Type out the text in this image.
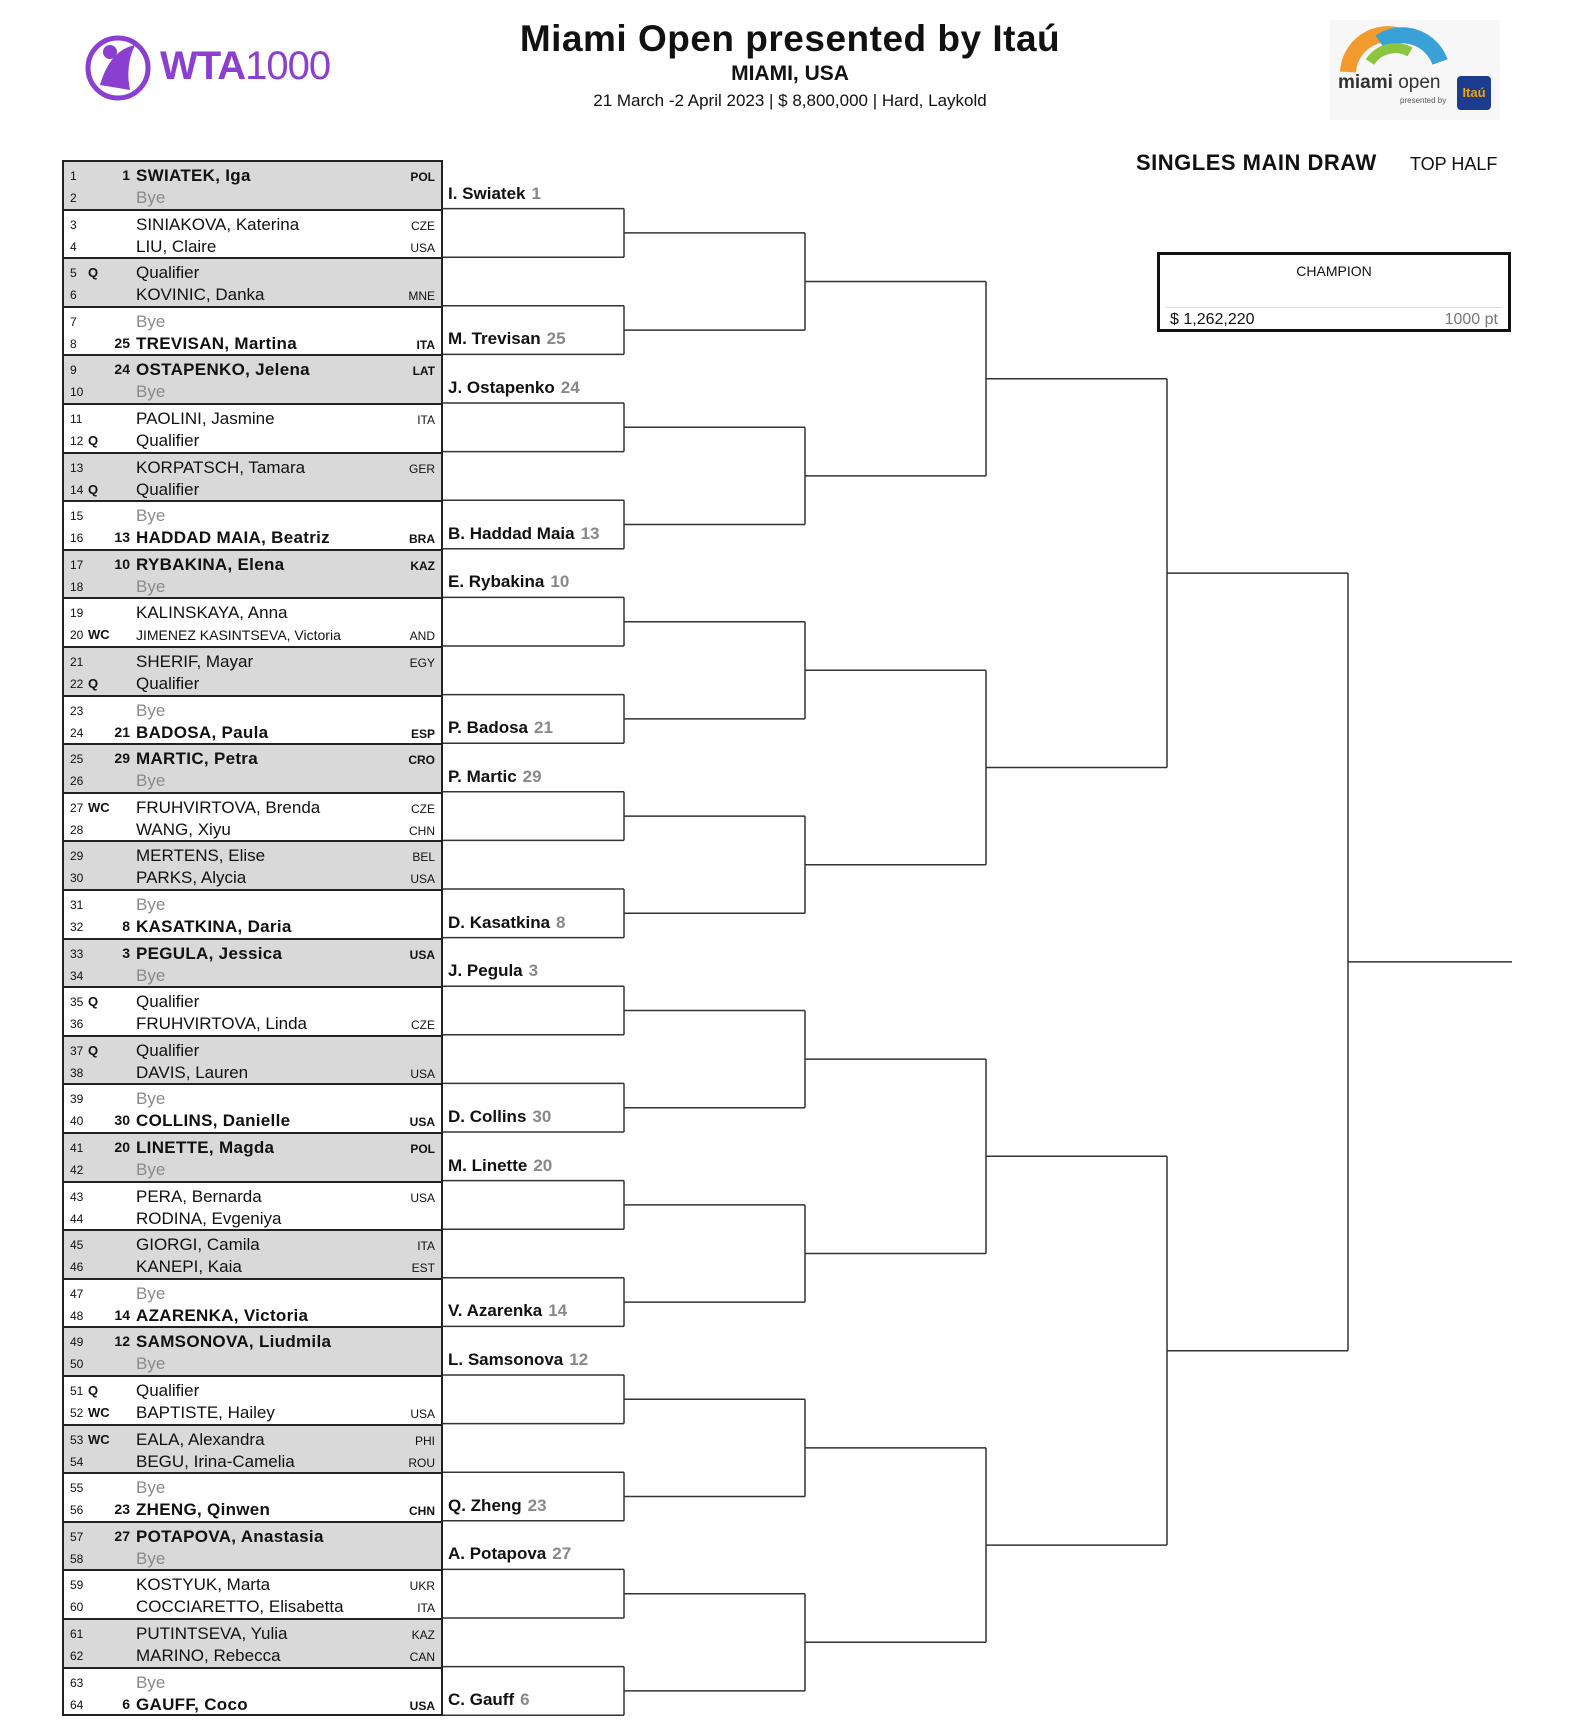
WTA1000
Miami Open presented by Itaú
MIAMI, USA
21 March -2 April 2023 | $ 8,800,000 | Hard, Laykold
miami open
presented by
Itaú
SINGLES MAIN DRAW TOP HALF
CHAMPION
$ 1,262,220	1000 pt
1	1 SWIATEK, Iga	POL
2	Bye
3	SINIAKOVA, Katerina	CZE
4	LIU, Claire	USA
5 Q	Qualifier
6	KOVINIC, Danka	MNE
7	Bye
8	25 TREVISAN, Martina	ITA
9	24 OSTAPENKO, Jelena	LAT
10	Bye
11	PAOLINI, Jasmine	ITA
12 Q	Qualifier
13	KORPATSCH, Tamara	GER
14 Q	Qualifier
15	Bye
16	13 HADDAD MAIA, Beatriz	BRA
17	10 RYBAKINA, Elena	KAZ
18	Bye
19	KALINSKAYA, Anna
20 WC	JIMENEZ KASINTSEVA, Victoria	AND
21	SHERIF, Mayar	EGY
22 Q	Qualifier
23	Bye
24	21 BADOSA, Paula	ESP
25	29 MARTIC, Petra	CRO
26	Bye
27 WC	FRUHVIRTOVA, Brenda	CZE
28	WANG, Xiyu	CHN
29	MERTENS, Elise	BEL
30	PARKS, Alycia	USA
31	Bye
32	8 KASATKINA, Daria
33	3 PEGULA, Jessica	USA
34	Bye
35 Q	Qualifier
36	FRUHVIRTOVA, Linda	CZE
37 Q	Qualifier
38	DAVIS, Lauren	USA
39	Bye
40	30 COLLINS, Danielle	USA
41	20 LINETTE, Magda	POL
42	Bye
43	PERA, Bernarda	USA
44	RODINA, Evgeniya
45	GIORGI, Camila	ITA
46	KANEPI, Kaia	EST
47	Bye
48	14 AZARENKA, Victoria
49	12 SAMSONOVA, Liudmila
50	Bye
51 Q	Qualifier
52 WC	BAPTISTE, Hailey	USA
53 WC	EALA, Alexandra	PHI
54	BEGU, Irina-Camelia	ROU
55	Bye
56	23 ZHENG, Qinwen	CHN
57	27 POTAPOVA, Anastasia
58	Bye
59	KOSTYUK, Marta	UKR
60	COCCIARETTO, Elisabetta	ITA
61	PUTINTSEVA, Yulia	KAZ
62	MARINO, Rebecca	CAN
63	Bye
64	6 GAUFF, Coco	USA
I. Swiatek 1
M. Trevisan 25
J. Ostapenko 24
B. Haddad Maia 13
E. Rybakina 10
P. Badosa 21
P. Martic 29
D. Kasatkina 8
J. Pegula 3
D. Collins 30
M. Linette 20
V. Azarenka 14
L. Samsonova 12
Q. Zheng 23
A. Potapova 27
C. Gauff 6
